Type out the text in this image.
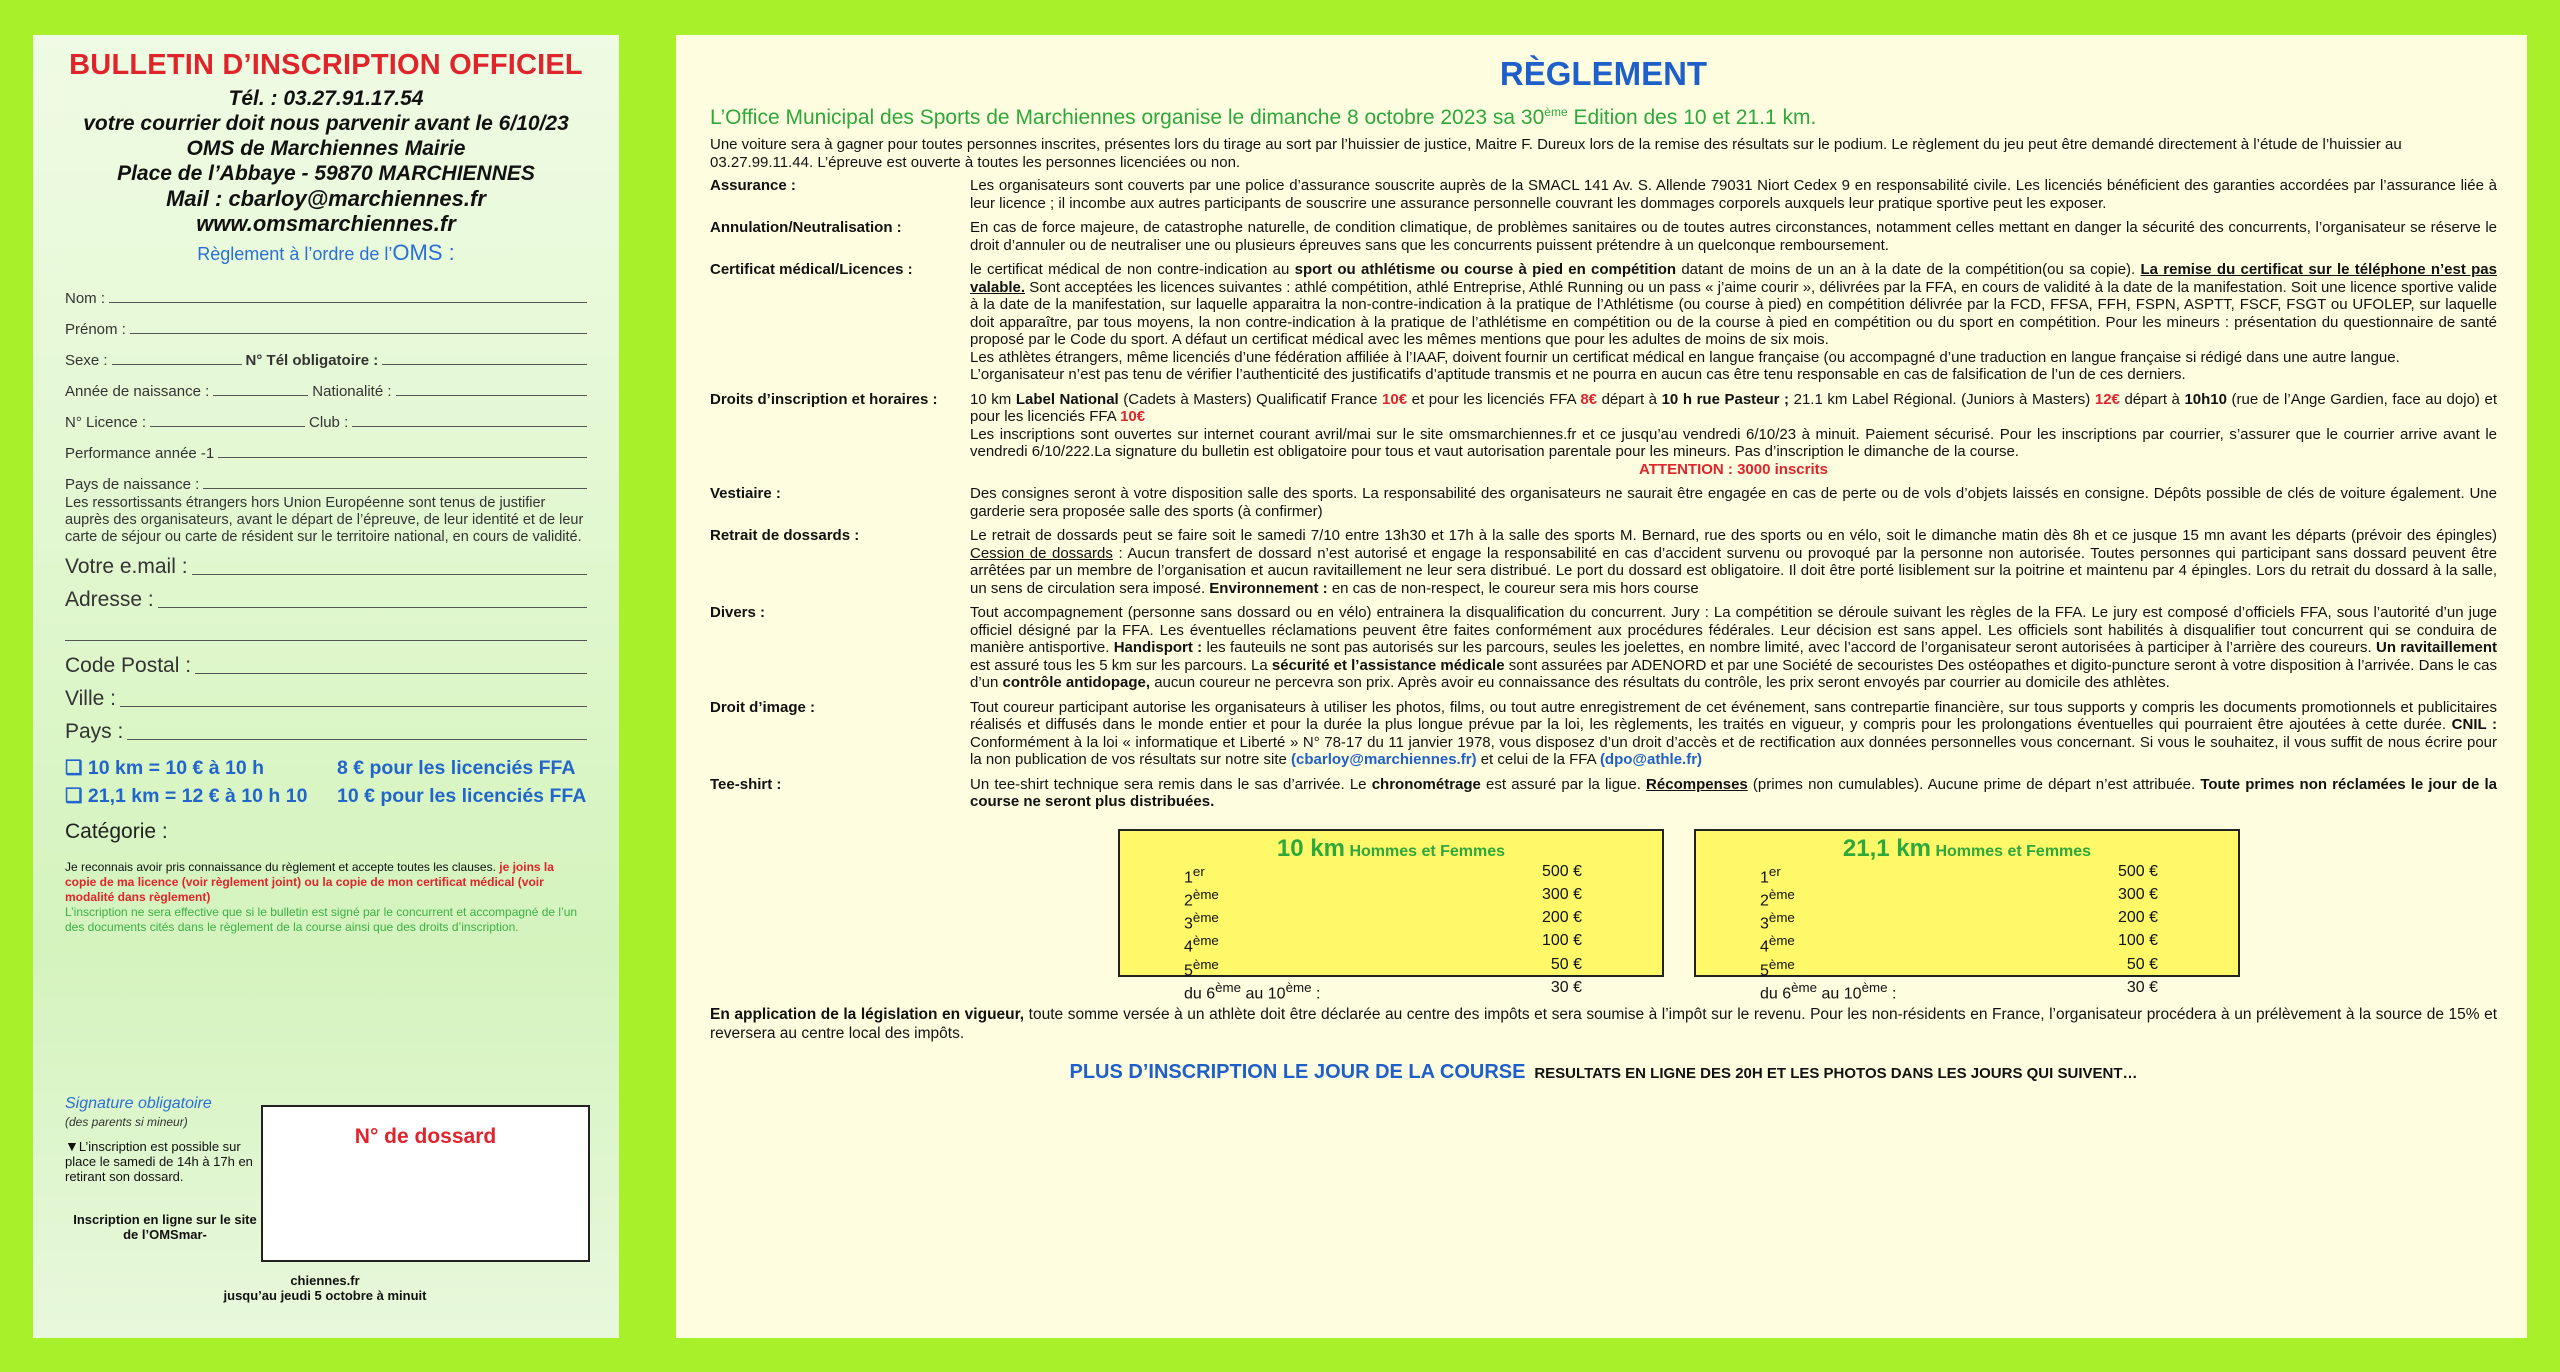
BULLETIN D’INSCRIPTION OFFICIEL
Tél. : 03.27.91.17.54
votre courrier doit nous parvenir avant le 6/10/23
OMS de Marchiennes Mairie
Place de l’Abbaye - 59870 MARCHIENNES
Mail : cbarloy@marchiennes.fr
www.omsmarchiennes.fr
Règlement à l’ordre de l’OMS :
Nom :
Prénom :
Sexe :	N° Tél obligatoire :
Année de naissance :	Nationalité :
N° Licence :	Club :
Performance année -1
Pays de naissance :
Les ressortissants étrangers hors Union Européenne sont tenus de justifier auprès des organisateurs, avant le départ de l’épreuve, de leur identité et de leur carte de séjour ou carte de résident sur le territoire national, en cours de validité.
Votre e.mail :
Adresse :
Code Postal :
Ville :
Pays :
❑ 10 km = 10 € à 10 h	8 € pour les licenciés FFA
❑ 21,1 km = 12 € à 10 h 10	10 € pour les licenciés FFA
Catégorie :
Je reconnais avoir pris connaissance du règlement et accepte toutes les clauses. je joins la copie de ma licence (voir règlement joint) ou la copie de mon certificat médical (voir modalité dans règlement)
L’inscription ne sera effective que si le bulletin est signé par le concurrent et accompagné de l’un des documents cités dans le règlement de la course ainsi que des droits d’inscription.
Signature obligatoire
(des parents si mineur)
▼L’inscription est possible sur place le samedi de 14h à 17h en retirant son dossard.
Inscription en ligne sur le site de l’OMSmar-
N° de dossard
chiennes.fr
jusqu’au jeudi 5 octobre à minuit
RÈGLEMENT
L’Office Municipal des Sports de Marchiennes organise le dimanche 8 octobre 2023 sa 30ème Edition des 10 et 21.1 km.
Une voiture sera à gagner pour toutes personnes inscrites, présentes lors du tirage au sort par l’huissier de justice, Maitre F. Dureux lors de la remise des résultats sur le podium. Le règlement du jeu peut être demandé directement à l’étude de l’huissier au 03.27.99.11.44. L’épreuve est ouverte à toutes les personnes licenciées ou non.
Assurance :	Les organisateurs sont couverts par une police d’assurance souscrite auprès de la SMACL 141 Av. S. Allende 79031 Niort Cedex 9 en responsabilité civile. Les licenciés bénéficient des garanties accordées par l’assurance liée à leur licence ; il incombe aux autres participants de souscrire une assurance personnelle couvrant les dommages corporels auxquels leur pratique sportive peut les exposer.
Annulation/Neutralisation :	En cas de force majeure, de catastrophe naturelle, de condition climatique, de problèmes sanitaires ou de toutes autres circonstances, notamment celles mettant en danger la sécurité des concurrents, l’organisateur se réserve le droit d’annuler ou de neutraliser une ou plusieurs épreuves sans que les concurrents puissent prétendre à un quelconque remboursement.
Certificat médical/Licences :	le certificat médical de non contre-indication au sport ou athlétisme ou course à pied en compétition datant de moins de un an à la date de la compétition(ou sa copie). La remise du certificat sur le téléphone n’est pas valable. Sont acceptées les licences suivantes : athlé compétition, athlé Entreprise, Athlé Running ou un pass « j’aime courir », délivrées par la FFA, en cours de validité à la date de la manifestation. Soit une licence sportive valide à la date de la manifestation, sur laquelle apparaitra la non-contre-indication à la pratique de l’Athlétisme (ou course à pied) en compétition délivrée par la FCD, FFSA, FFH, FSPN, ASPTT, FSCF, FSGT ou UFOLEP, sur laquelle doit apparaître, par tous moyens, la non contre-indication à la pratique de l’athlétisme en compétition ou de la course à pied en compétition ou du sport en compétition. Pour les mineurs : présentation du questionnaire de santé proposé par le Code du sport. A défaut un certificat médical avec les mêmes mentions que pour les adultes de moins de six mois.
Les athlètes étrangers, même licenciés d’une fédération affiliée à l’IAAF, doivent fournir un certificat médical en langue française (ou accompagné d’une traduction en langue française si rédigé dans une autre langue.
L’organisateur n’est pas tenu de vérifier l’authenticité des justificatifs d’aptitude transmis et ne pourra en aucun cas être tenu responsable en cas de falsification de l’un de ces derniers.
Droits d’inscription et horaires :	10 km Label National (Cadets à Masters) Qualificatif France 10€ et pour les licenciés FFA 8€ départ à 10 h rue Pasteur ; 21.1 km Label Régional. (Juniors à Masters) 12€ départ à 10h10 (rue de l’Ange Gardien, face au dojo) et pour les licenciés FFA 10€
Les inscriptions sont ouvertes sur internet courant avril/mai sur le site omsmarchiennes.fr et ce jusqu’au vendredi 6/10/23 à minuit. Paiement sécurisé. Pour les inscriptions par courrier, s’assurer que le courrier arrive avant le vendredi 6/10/222.La signature du bulletin est obligatoire pour tous et vaut autorisation parentale pour les mineurs. Pas d’inscription le dimanche de la course.
ATTENTION : 3000 inscrits
Vestiaire :	Des consignes seront à votre disposition salle des sports. La responsabilité des organisateurs ne saurait être engagée en cas de perte ou de vols d’objets laissés en consigne. Dépôts possible de clés de voiture également. Une garderie sera proposée salle des sports (à confirmer)
Retrait de dossards :	Le retrait de dossards peut se faire soit le samedi 7/10 entre 13h30 et 17h à la salle des sports M. Bernard, rue des sports ou en vélo, soit le dimanche matin dès 8h et ce jusque 15 mn avant les départs (prévoir des épingles) Cession de dossards : Aucun transfert de dossard n’est autorisé et engage la responsabilité en cas d’accident survenu ou provoqué par la personne non autorisée. Toutes personnes qui participant sans dossard peuvent être arrêtées par un membre de l’organisation et aucun ravitaillement ne leur sera distribué. Le port du dossard est obligatoire. Il doit être porté lisiblement sur la poitrine et maintenu par 4 épingles. Lors du retrait du dossard à la salle, un sens de circulation sera imposé. Environnement : en cas de non-respect, le coureur sera mis hors course
Divers :	Tout accompagnement (personne sans dossard ou en vélo) entrainera la disqualification du concurrent. Jury : La compétition se déroule suivant les règles de la FFA. Le jury est composé d’officiels FFA, sous l’autorité d’un juge officiel désigné par la FFA. Les éventuelles réclamations peuvent être faites conformément aux procédures fédérales. Leur décision est sans appel. Les officiels sont habilités à disqualifier tout concurrent qui se conduira de manière antisportive. Handisport : les fauteuils ne sont pas autorisés sur les parcours, seules les joelettes, en nombre limité, avec l’accord de l’organisateur seront autorisées à participer à l’arrière des coureurs. Un ravitaillement est assuré tous les 5 km sur les parcours. La sécurité et l’assistance médicale sont assurées par ADENORD et par une Société de secouristes Des ostéopathes et digito-puncture seront à votre disposition à l’arrivée. Dans le cas d’un contrôle antidopage, aucun coureur ne percevra son prix. Après avoir eu connaissance des résultats du contrôle, les prix seront envoyés par courrier au domicile des athlètes.
Droit d’image :	Tout coureur participant autorise les organisateurs à utiliser les photos, films, ou tout autre enregistrement de cet événement, sans contrepartie financière, sur tous supports y compris les documents promotionnels et publicitaires réalisés et diffusés dans le monde entier et pour la durée la plus longue prévue par la loi, les règlements, les traités en vigueur, y compris pour les prolongations éventuelles qui pourraient être ajoutées à cette durée. CNIL : Conformément à la loi « informatique et Liberté » N° 78-17 du 11 janvier 1978, vous disposez d’un droit d’accès et de rectification aux données personnelles vous concernant. Si vous le souhaitez, il vous suffit de nous écrire pour la non publication de vos résultats sur notre site (cbarloy@marchiennes.fr) et celui de la FFA (dpo@athle.fr)
Tee-shirt :	Un tee-shirt technique sera remis dans le sas d’arrivée. Le chronométrage est assuré par la ligue. Récompenses (primes non cumulables). Aucune prime de départ n’est attribuée. Toute primes non réclamées le jour de la course ne seront plus distribuées.
10 km Hommes et Femmes
1er	500 €
2ème	300 €
3ème	200 €
4ème	100 €
5ème	50 €
du 6ème au 10ème :	30 €
21,1 km Hommes et Femmes
1er	500 €
2ème	300 €
3ème	200 €
4ème	100 €
5ème	50 €
du 6ème au 10ème :	30 €
En application de la législation en vigueur, toute somme versée à un athlète doit être déclarée au centre des impôts et sera soumise à l’impôt sur le revenu. Pour les non-résidents en France, l’organisateur procédera à un prélèvement à la source de 15% et reversera au centre local des impôts.
PLUS D’INSCRIPTION LE JOUR DE LA COURSE RESULTATS EN LIGNE DES 20H ET LES PHOTOS DANS LES JOURS QUI SUIVENT…
